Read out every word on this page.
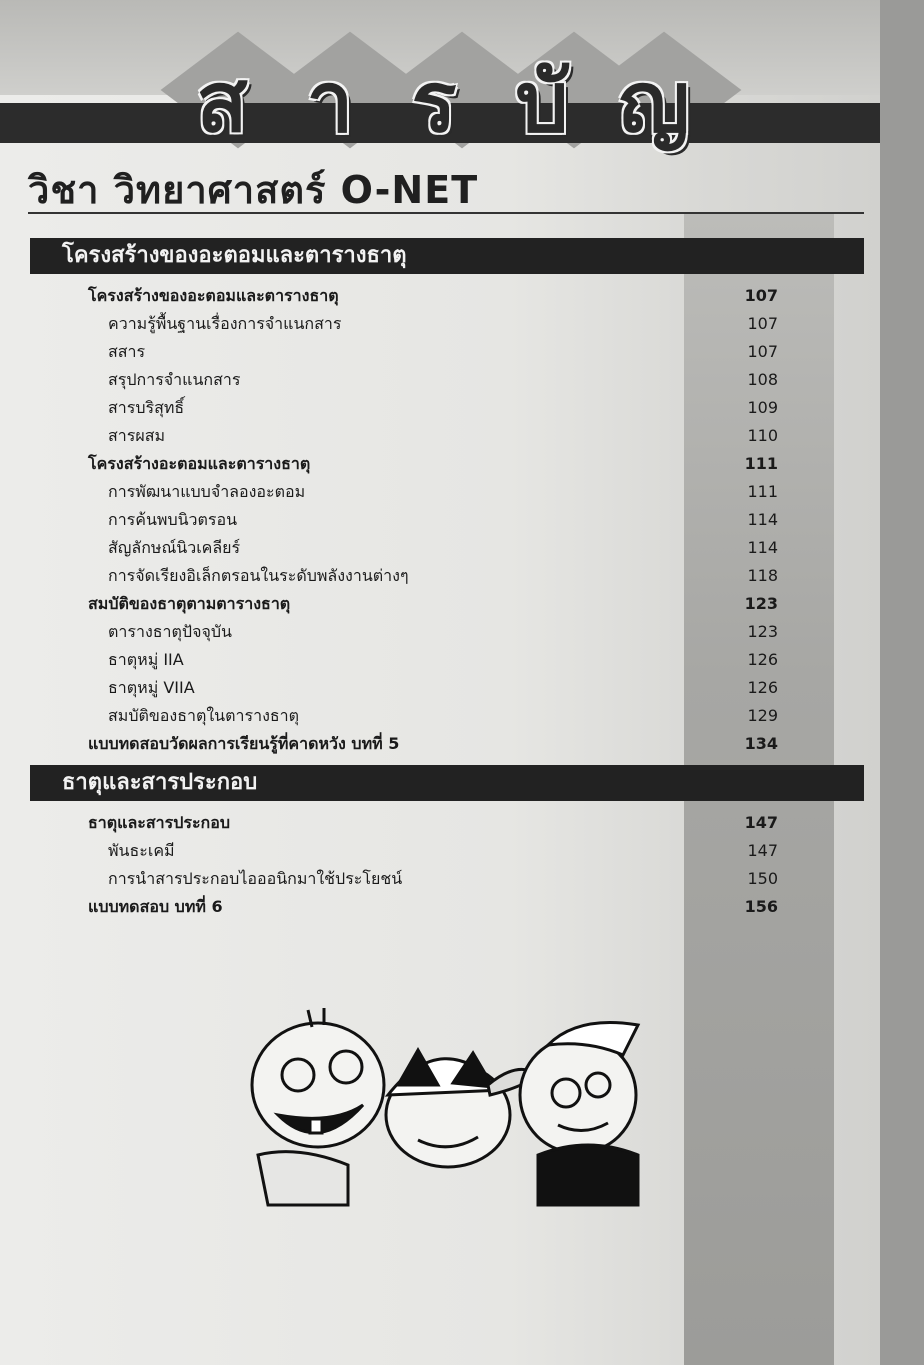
ส า ร บั ญ
วิชา วิทยาศาสตร์ O-NET
โครงสร้างของอะตอมและตารางธาตุ
โครงสร้างของอะตอมและตารางธาตุ	107
ความรู้พื้นฐานเรื่องการจำแนกสาร	107
สสาร	107
สรุปการจำแนกสาร	108
สารบริสุทธิ์	109
สารผสม	110
โครงสร้างอะตอมและตารางธาตุ	111
การพัฒนาแบบจำลองอะตอม	111
การค้นพบนิวตรอน	114
สัญลักษณ์นิวเคลียร์	114
การจัดเรียงอิเล็กตรอนในระดับพลังงานต่างๆ	118
สมบัติของธาตุตามตารางธาตุ	123
ตารางธาตุปัจจุบัน	123
ธาตุหมู่ IIA	126
ธาตุหมู่ VIIA	126
สมบัติของธาตุในตารางธาตุ	129
แบบทดสอบวัดผลการเรียนรู้ที่คาดหวัง บทที่ 5	134
ธาตุและสารประกอบ
ธาตุและสารประกอบ	147
พันธะเคมี	147
การนำสารประกอบไอออนิกมาใช้ประโยชน์	150
แบบทดสอบ บทที่ 6	156
